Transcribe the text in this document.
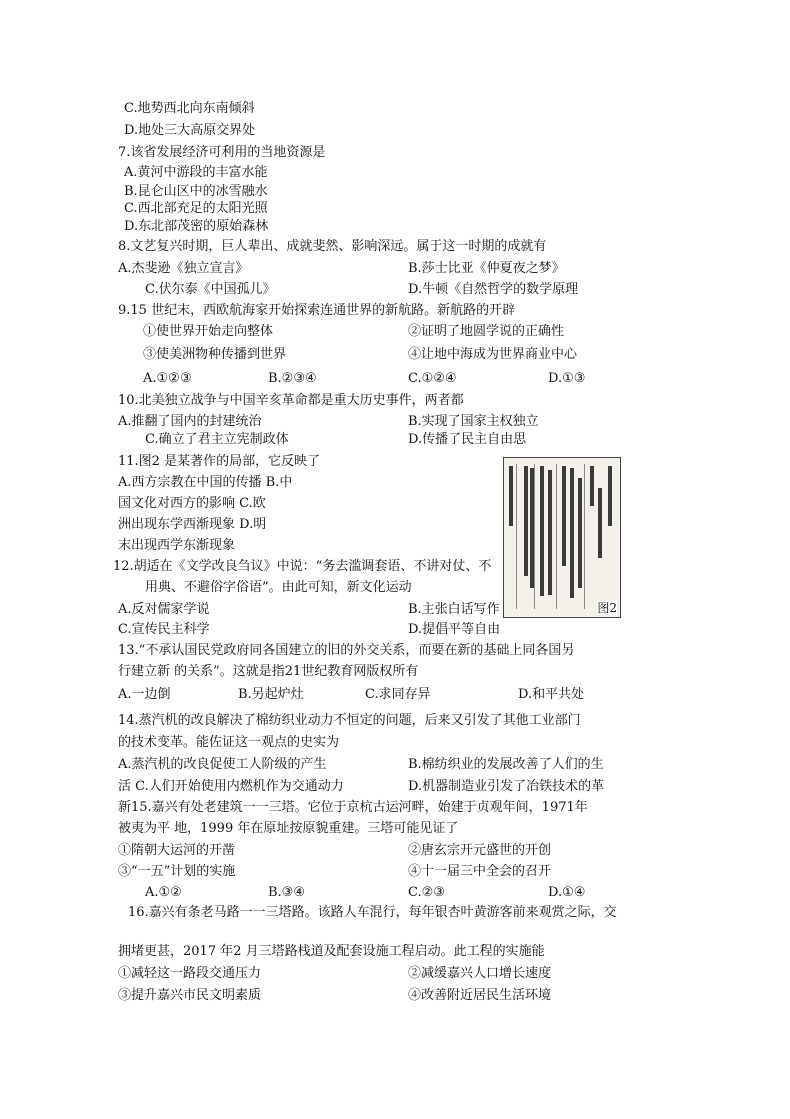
C.地势西北向东南倾斜
D.地处三大高原交界处
7.该省发展经济可利用的当地资源是
A.黄河中游段的丰富水能
B.昆仑山区中的冰雪融水
C.西北部充足的太阳光照
D.东北部茂密的原始森林
8.文艺复兴时期，巨人辈出、成就斐然、影响深远。属于这一时期的成就有
A.杰斐逊《独立宣言》	B.莎士比亚《仲夏夜之梦》
C.伏尔泰《中国孤儿》	D.牛顿《自然哲学的数学原理
9.15 世纪末，西欧航海家开始探索连通世界的新航路。新航路的开辟
①使世界开始走向整体	②证明了地圆学说的正确性
③使美洲物种传播到世界	④让地中海成为世界商业中心
A.①②③	B.②③④	C.①②④	D.①③
10.北美独立战争与中国辛亥革命都是重大历史事件，两者都
A.推翻了国内的封建统治	B.实现了国家主权独立
C.确立了君主立宪制政体	D.传播了民主自由思
11.图2 是某著作的局部，它反映了
A.西方宗教在中国的传播 B.中
国文化对西方的影响 C.欧
洲出现东学西渐现象 D.明
末出现西学东渐现象
图2
12.胡适在《文学改良刍议》中说：“务去滥调套语、不讲对仗、不
用典、不避俗字俗语”。由此可知，新文化运动
A.反对儒家学说	B.主张白话写作
C.宣传民主科学	D.提倡平等自由
13.“不承认国民党政府同各国建立的旧的外交关系，而要在新的基础上同各国另
行建立新 的关系”。这就是指21世纪教育网版权所有
A.一边倒	B.另起炉灶	C.求同存异	D.和平共处
14.蒸汽机的改良解决了棉纺织业动力不恒定的问题，后来又引发了其他工业部门
的技术变革。能佐证这一观点的史实为
A.蒸汽机的改良促使工人阶级的产生	B.棉纺织业的发展改善了人们的生
活 C.人们开始使用内燃机作为交通动力	D.机器制造业引发了冶铁技术的革
新15.嘉兴有处老建筑一一三塔。它位于京杭古运河畔，始建于贞观年间，1971年
被夷为平 地，1999 年在原址按原貌重建。三塔可能见证了
①隋朝大运河的开凿	②唐玄宗开元盛世的开创
③“一五”计划的实施	④十一届三中全会的召开
A.①②	B.③④	C.②③	D.①④
16.嘉兴有条老马路一一三塔路。该路人车混行，每年银杏叶黄游客前来观赏之际，交
拥堵更甚，2017 年2 月三塔路栈道及配套设施工程启动。此工程的实施能
①减轻这一路段交通压力	②减缓嘉兴人口增长速度
③提升嘉兴市民文明素质	④改善附近居民生活环境
